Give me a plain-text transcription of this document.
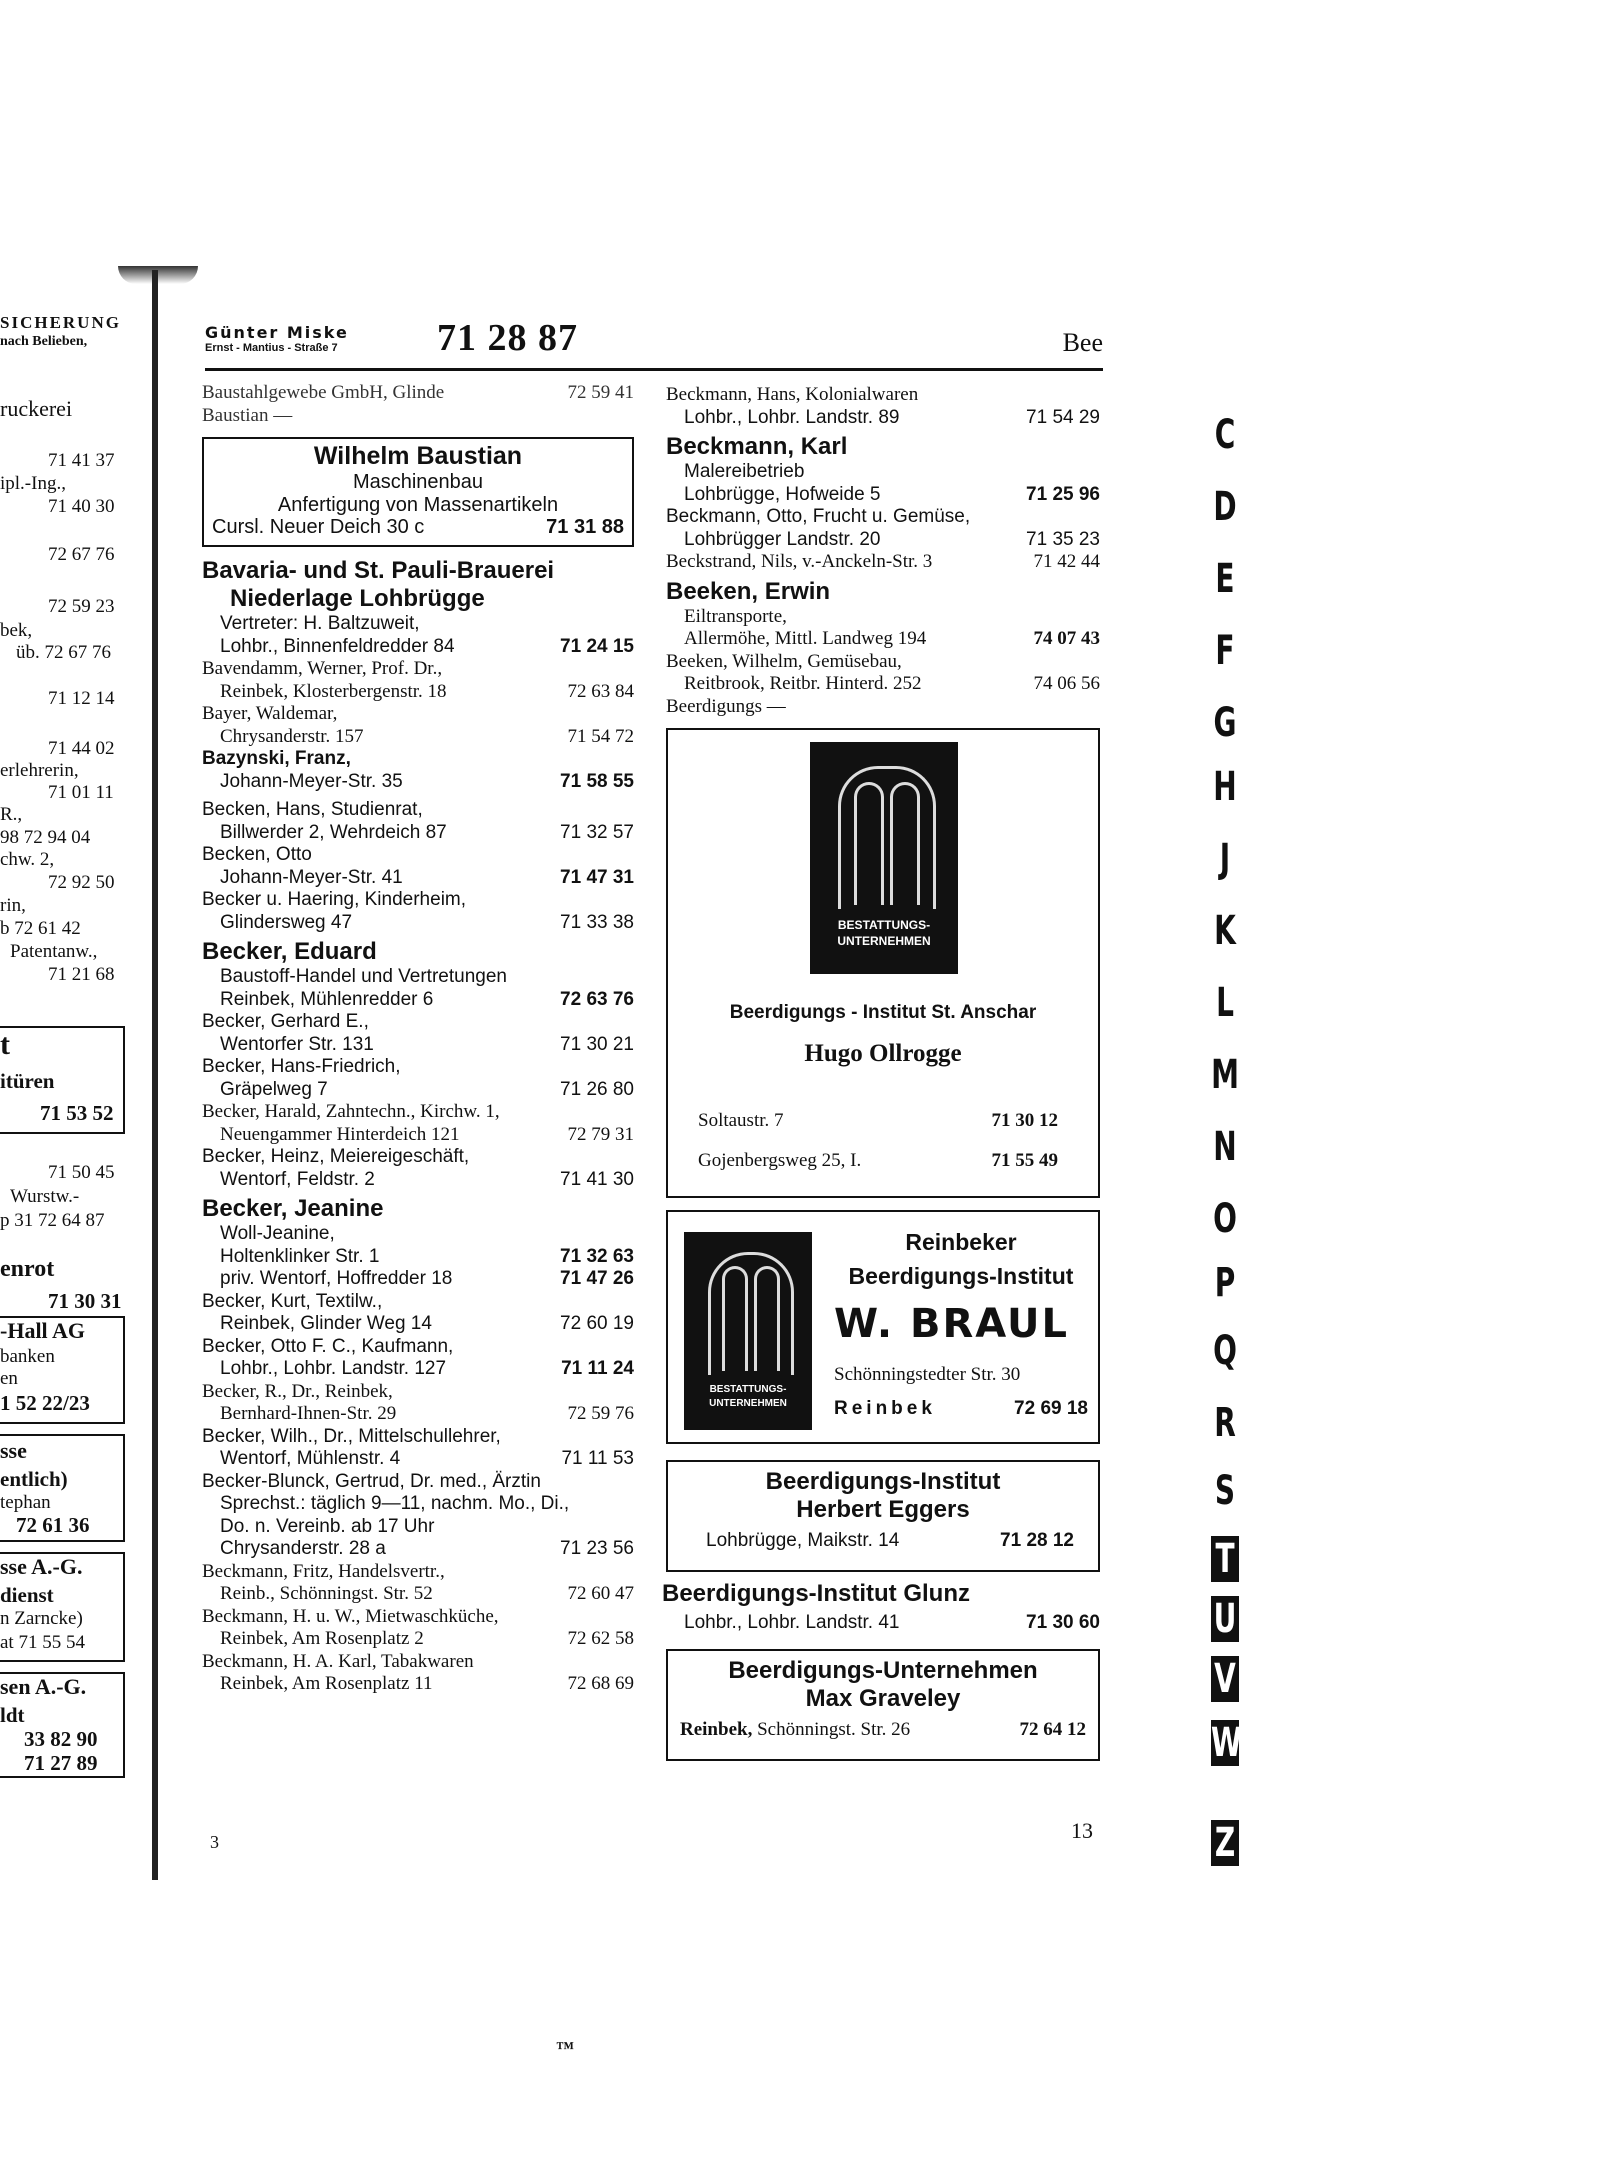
SICHERUNG
nach Belieben,
ruckerei
71 41 37
ipl.-Ing.,
71 40 30
72 67 76
72 59 23
bek,
üb. 72 67 76
71 12 14
71 44 02
erlehrerin,
71 01 11
R.,
98 72 94 04
chw. 2,
72 92 50
rin,
b 72 61 42
Patentanw.,
71 21 68
t
itüren
71 53 52
71 50 45
Wurstw.-
p 31 72 64 87
enrot
71 30 31
-Hall AG
banken
en
1 52 22/23
sse
entlich)
tephan
72 61 36
sse A.-G.
dienst
n Zarncke)
at 71 55 54
sen A.-G.
ldt
33 82 90
71 27 89
Günter Miske
Ernst - Mantius - Straße 7	71 28 87	Bee
Baustahlgewebe GmbH, Glinde	72 59 41
Baustian —
Wilhelm Baustian
Maschinenbau
Anfertigung von Massenartikeln
Cursl. Neuer Deich 30 c	71 31 88
Bavaria- und St. Pauli-Brauerei
Niederlage Lohbrügge
Vertreter: H. Baltzuweit,
Lohbr., Binnenfeldredder 84	71 24 15
Bavendamm, Werner, Prof. Dr.,
Reinbek, Klosterbergenstr. 18	72 63 84
Bayer, Waldemar,
Chrysanderstr. 157	71 54 72
Bazynski, Franz,
Johann-Meyer-Str. 35	71 58 55
Becken, Hans, Studienrat,
Billwerder 2, Wehrdeich 87	71 32 57
Becken, Otto
Johann-Meyer-Str. 41	71 47 31
Becker u. Haering, Kinderheim,
Glindersweg 47	71 33 38
Becker, Eduard
Baustoff-Handel und Vertretungen
Reinbek, Mühlenredder 6	72 63 76
Becker, Gerhard E.,
Wentorfer Str. 131	71 30 21
Becker, Hans-Friedrich,
Gräpelweg 7	71 26 80
Becker, Harald, Zahntechn., Kirchw. 1,
Neuengammer Hinterdeich 121	72 79 31
Becker, Heinz, Meiereigeschäft,
Wentorf, Feldstr. 2	71 41 30
Becker, Jeanine
Woll-Jeanine,
Holtenklinker Str. 1	71 32 63
priv. Wentorf, Hoffredder 18	71 47 26
Becker, Kurt, Textilw.,
Reinbek, Glinder Weg 14	72 60 19
Becker, Otto F. C., Kaufmann,
Lohbr., Lohbr. Landstr. 127	71 11 24
Becker, R., Dr., Reinbek,
Bernhard-Ihnen-Str. 29	72 59 76
Becker, Wilh., Dr., Mittelschullehrer,
Wentorf, Mühlenstr. 4	71 11 53
Becker-Blunck, Gertrud, Dr. med., Ärztin
Sprechst.: täglich 9—11, nachm. Mo., Di.,
Do. n. Vereinb. ab 17 Uhr
Chrysanderstr. 28 a	71 23 56
Beckmann, Fritz, Handelsvertr.,
Reinb., Schönningst. Str. 52	72 60 47
Beckmann, H. u. W., Mietwaschküche,
Reinbek, Am Rosenplatz 2	72 62 58
Beckmann, H. A. Karl, Tabakwaren
Reinbek, Am Rosenplatz 11	72 68 69
Beckmann, Hans, Kolonialwaren
Lohbr., Lohbr. Landstr. 89	71 54 29
Beckmann, Karl
Malereibetrieb
Lohbrügge, Hofweide 5	71 25 96
Beckmann, Otto, Frucht u. Gemüse,
Lohbrügger Landstr. 20	71 35 23
Beckstrand, Nils, v.-Anckeln-Str. 3	71 42 44
Beeken, Erwin
Eiltransporte,
Allermöhe, Mittl. Landweg 194	74 07 43
Beeken, Wilhelm, Gemüsebau,
Reitbrook, Reitbr. Hinterd. 252	74 06 56
Beerdigungs —
BESTATTUNGS-
UNTERNEHMEN
Beerdigungs - Institut St. Anschar
Hugo Ollrogge
Soltaustr. 7	71 30 12
Gojenbergsweg 25, I.	71 55 49
BESTATTUNGS-
UNTERNEHMEN
Reinbeker
Beerdigungs-Institut
W. BRAUL
Schönningstedter Str. 30
Reinbek	72 69 18
Beerdigungs-Institut
Herbert Eggers
Lohbrügge, Maikstr. 14	71 28 12
Beerdigungs-Institut Glunz
Lohbr., Lohbr. Landstr. 41	71 30 60
Beerdigungs-Unternehmen
Max Graveley
Reinbek, Schönningst. Str. 26	72 64 12
3	13
™
C
D
E
F
G
H
J
K
L
M
N
O
P
Q
R
S
T
U
V
W
Z
